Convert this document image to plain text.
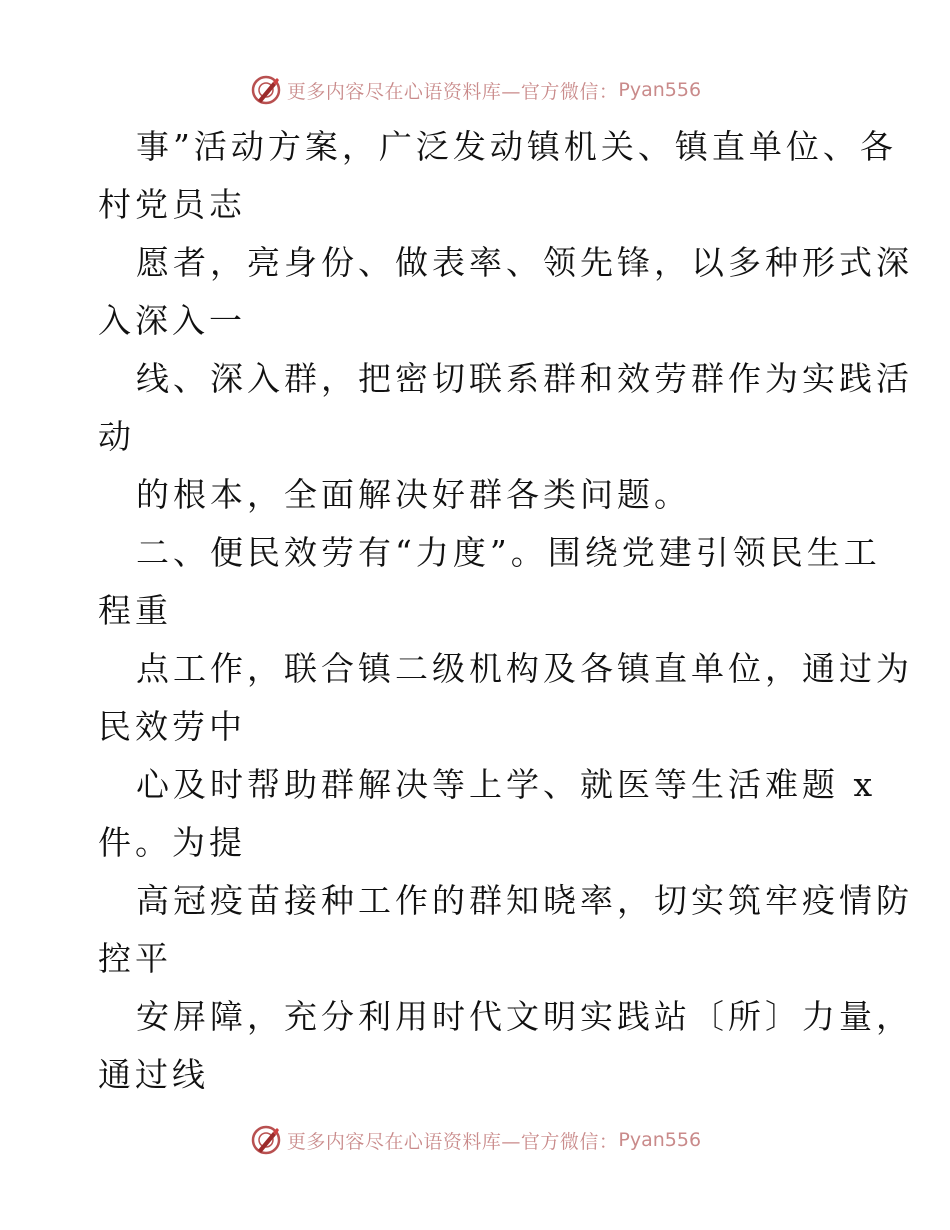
更多内容尽在心语资料库—官方微信： Pyan556
事”活动方案，广泛发动镇机关、镇直单位、各
村党员志
愿者，亮身份、做表率、领先锋，以多种形式深
入深入一
线、深入群，把密切联系群和效劳群作为实践活
动
的根本，全面解决好群各类问题。
二、便民效劳有“力度”。围绕党建引领民生工
程重
点工作，联合镇二级机构及各镇直单位，通过为
民效劳中
心及时帮助群解决等上学、就医等生活难题 x
件。为提
高冠疫苗接种工作的群知晓率，切实筑牢疫情防
控平
安屏障，充分利用时代文明实践站〔所〕力量，
通过线
更多内容尽在心语资料库—官方微信： Pyan556
